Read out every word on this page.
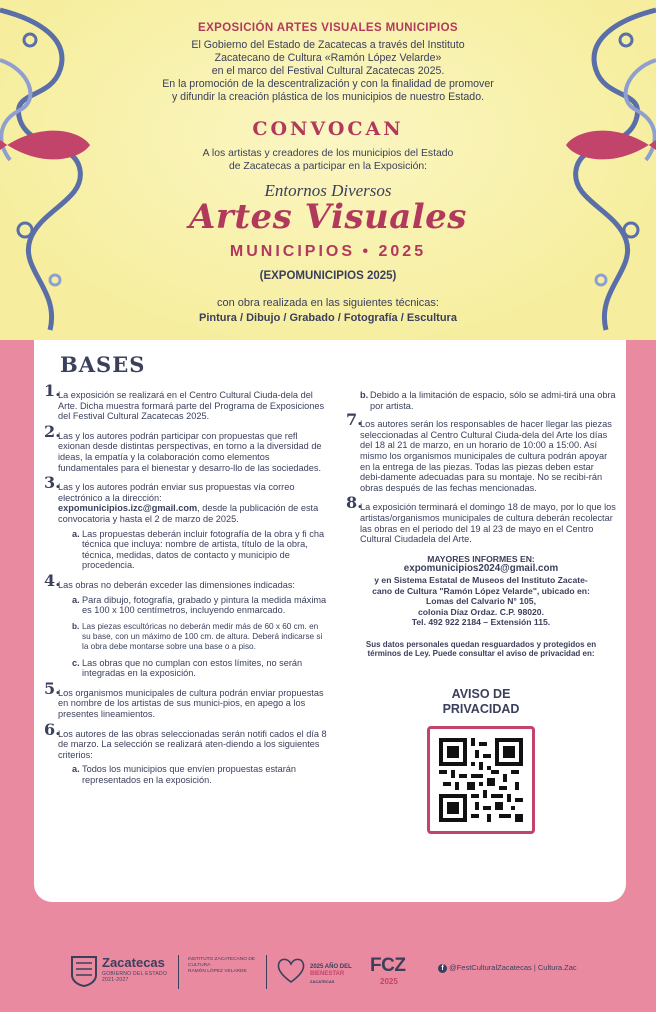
EXPOSICIÓN ARTES VISUALES MUNICIPIOS
El Gobierno del Estado de Zacatecas a través del Instituto
Zacatecano de Cultura «Ramón López Velarde»
en el marco del Festival Cultural Zacatecas 2025.
En la promoción de la descentralización y con la finalidad de promover
y difundir la creación plástica de los municipios de nuestro Estado.
CONVOCAN
A los artistas y creadores de los municipios del Estado
de Zacatecas a participar en la Exposición:
Entornos Diversos
Artes Visuales
MUNICIPIOS • 2025
(EXPOMUNICIPIOS 2025)
con obra realizada en las siguientes técnicas:
Pintura / Dibujo / Grabado / Fotografía / Escultura
BASES
1.
La exposición se realizará en el Centro Cultural Ciuda-dela del Arte. Dicha muestra formará parte del Programa de Exposiciones del Festival Cultural Zacatecas 2025.
2.
Las y los autores podrán participar con propuestas que refl exionan desde distintas perspectivas, en torno a la diversidad de ideas, la empatía y la colaboración como elementos fundamentales para el bienestar y desarro-llo de las sociedades.
3.
Las y los autores podrán enviar sus propuestas vía correo electrónico a la dirección:
expomunicipios.izc@gmail.com, desde la publicación de esta convocatoria y hasta el 2 de marzo de 2025.
a. Las propuestas deberán incluir fotografía de la obra y fi cha técnica que incluya: nombre de artista, título de la obra, técnica, medidas, datos de contacto y municipio de procedencia.
4.
Las obras no deberán exceder las dimensiones indicadas:
a. Para dibujo, fotografía, grabado y pintura la medida máxima es 100 x 100 centímetros, incluyendo enmarcado.
b. Las piezas escultóricas no deberán medir más de 60 x 60 cm. en su base, con un máximo de 100 cm. de altura. Deberá indicarse si la obra debe montarse sobre una base o a piso.
c. Las obras que no cumplan con estos límites, no serán integradas en la exposición.
5.
Los organismos municipales de cultura podrán enviar propuestas en nombre de los artistas de sus munici-pios, en apego a los presentes lineamientos.
6.
Los autores de las obras seleccionadas serán notifi cados el día 8 de marzo. La selección se realizará aten-diendo a los siguientes criterios:
a. Todos los municipios que envíen propuestas estarán representados en la exposición.
b. Debido a la limitación de espacio, sólo se admi-tirá una obra por artista.
7.
Los autores serán los responsables de hacer llegar las piezas seleccionadas al Centro Cultural Ciuda-dela del Arte los días del 18 al 21 de marzo, en un horario de 10:00 a 15:00. Así mismo los organismos municipales de cultura podrán apoyar en la entrega de las piezas. Todas las piezas deben estar debi-damente adecuadas para su montaje. No se recibi-rán obras después de las fechas mencionadas.
8.
La exposición terminará el domingo 18 de mayo, por lo que los artistas/organismos municipales de cultura deberán recolectar las obras en el periodo del 19 al 23 de mayo en el Centro Cultural Ciudadela del Arte.
MAYORES INFORMES EN:
expomunicipios2024@gmail.com
y en Sistema Estatal de Museos del Instituto Zacate-
cano de Cultura "Ramón López Velarde", ubicado en:
Lomas del Calvario N° 105,
colonia Díaz Ordaz. C.P. 98020.
Tel. 492 922 2184 – Extensión 115.
Sus datos personales quedan resguardados y protegidos en
términos de Ley. Puede consultar el aviso de privacidad en:
AVISO DE
PRIVACIDAD
Zacatecas
GOBIERNO DEL ESTADO
2021-2027
INSTITUTO ZACATECANO DE
CULTURA
RAMÓN LÓPEZ VELARDE
2025 AÑO DEL
BIENESTAR
ZACATECAS
FCZ
2025
f @FestCulturalZacatecas | Cultura.Zac
